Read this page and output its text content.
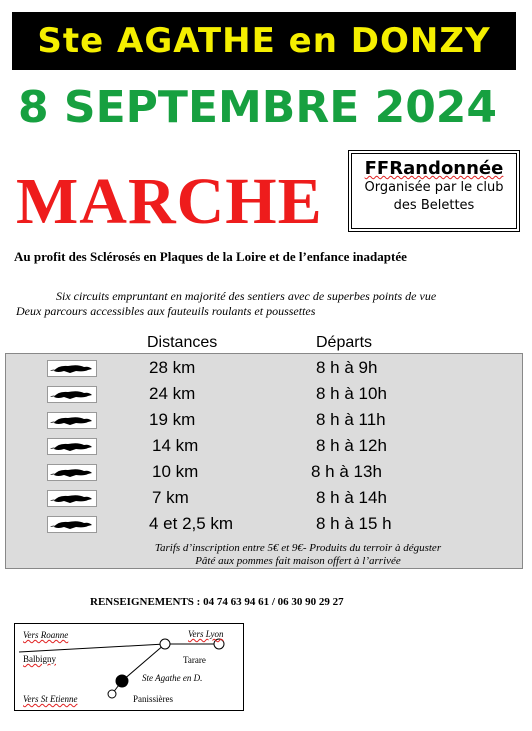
Ste AGATHE en DONZY
8 SEPTEMBRE 2024
MARCHE	FFRandonnée
Organisée par le club
des Belettes
Au profit des Sclérosés en Plaques de la Loire et de l’enfance inadaptée
Six circuits empruntant en majorité des sentiers avec de superbes points de vue
Deux parcours accessibles aux fauteuils roulants et poussettes
Distances	Départs
28 km	8 h à 9h
24 km	8 h à 10h
19 km	8 h à 11h
14 km	8 h à 12h
10 km	8 h à 13h
7 km	8 h à 14h
4 et 2,5 km	8 h à 15 h
Tarifs d’inscription entre 5€ et 9€- Produits du terroir à déguster
Pâté aux pommes fait maison offert à l’arrivée
RENSEIGNEMENTS : 04 74 63 94 61 / 06 30 90 29 27
Vers Roanne	Vers Lyon
Balbigny	Tarare
Ste Agathe en D.
Vers St Etienne	Panissières
